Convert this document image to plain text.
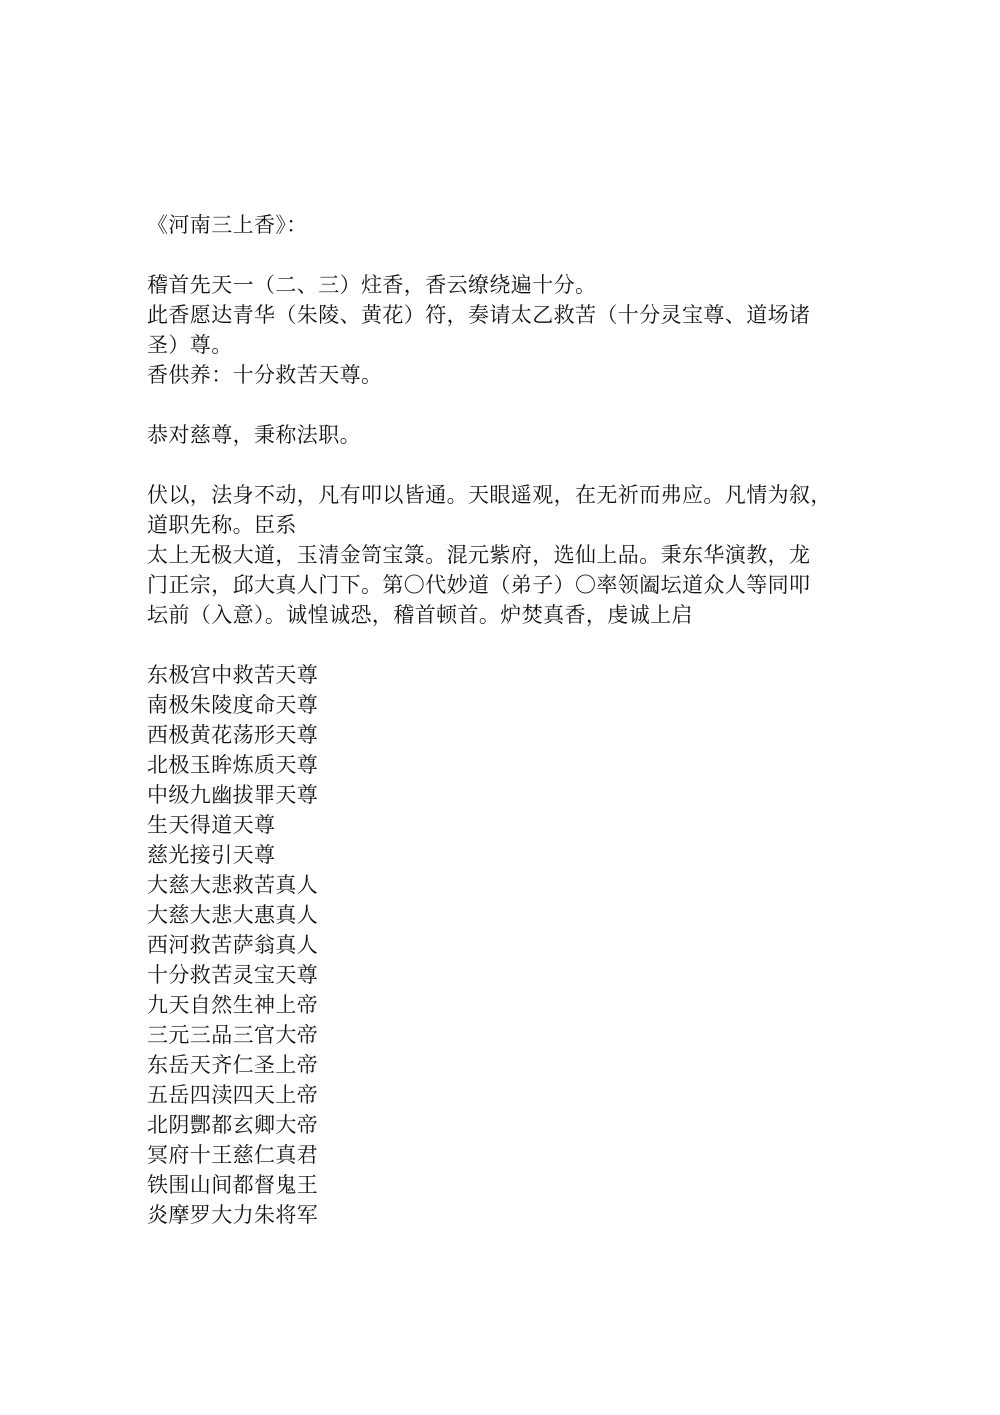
《河南三上香》：
稽首先天一（二、三）炷香，香云缭绕遍十分。
此香愿达青华（朱陵、黄花）符，奏请太乙救苦（十分灵宝尊、道场诸
圣）尊。
香供养：十分救苦天尊。
恭对慈尊，秉称法职。
伏以，法身不动，凡有叩以皆通。天眼遥观，在无祈而弗应。凡情为叙，
道职先称。臣系
太上无极大道，玉清金笥宝箓。混元紫府，选仙上品。秉东华演教，龙
门正宗，邱大真人门下。第〇代妙道（弟子）〇率领阖坛道众人等同叩
坛前（入意）。诚惶诚恐，稽首顿首。炉焚真香，虔诚上启
东极宫中救苦天尊
南极朱陵度命天尊
西极黄花荡形天尊
北极玉眸炼质天尊
中级九幽拔罪天尊
生天得道天尊
慈光接引天尊
大慈大悲救苦真人
大慈大悲大惠真人
西河救苦萨翁真人
十分救苦灵宝天尊
九天自然生神上帝
三元三品三官大帝
东岳天齐仁圣上帝
五岳四渎四天上帝
北阴酆都玄卿大帝
冥府十王慈仁真君
铁围山间都督鬼王
炎摩罗大力朱将军
